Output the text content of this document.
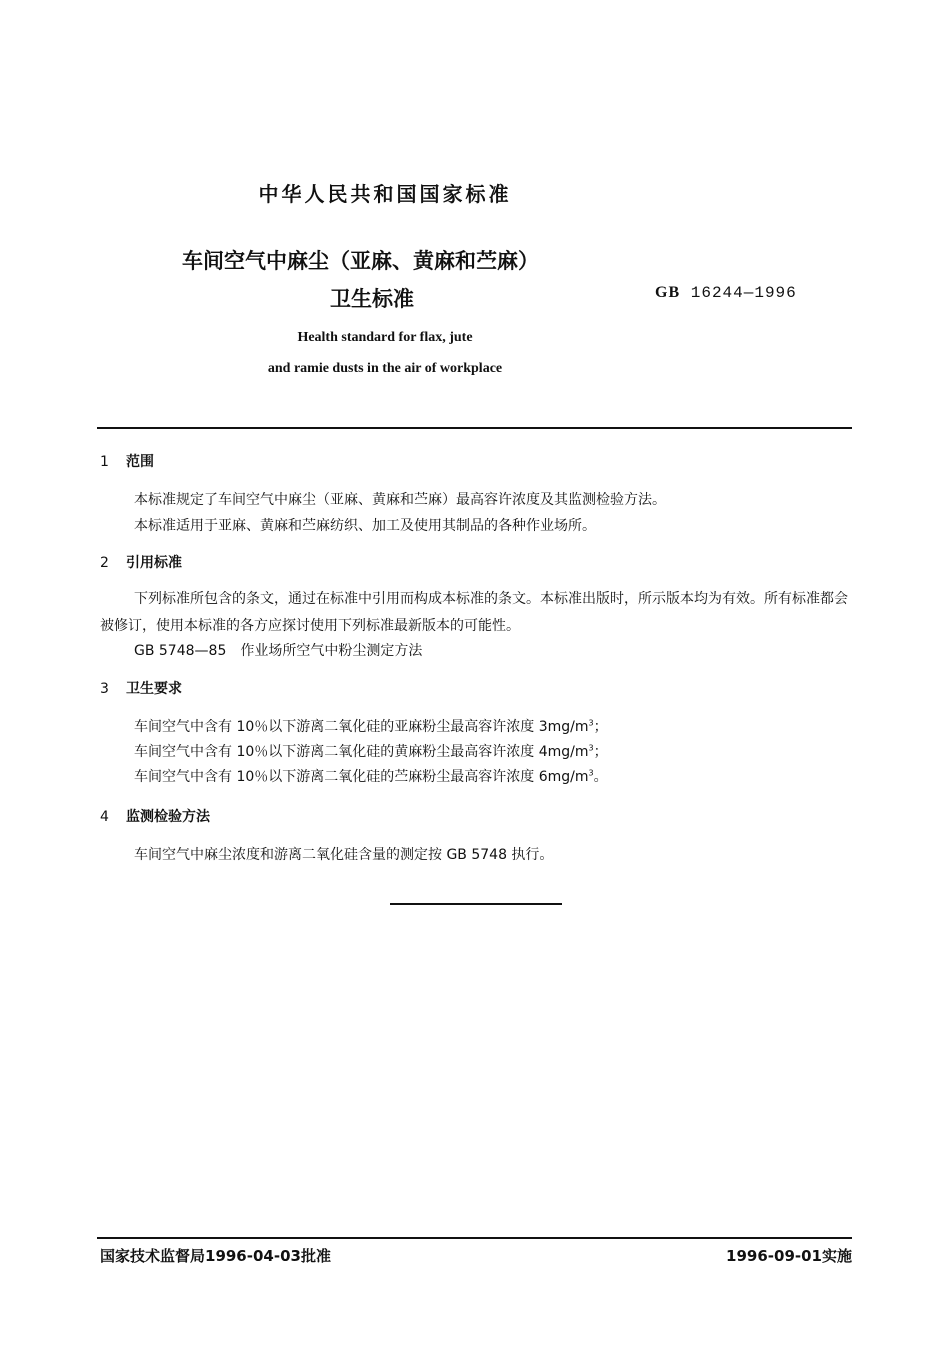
中华人民共和国国家标准
车间空气中麻尘（亚麻、黄麻和苎麻）
卫生标准	GB 16244—1996
Health standard for flax, jute
and ramie dusts in the air of workplace
1 范围
本标准规定了车间空气中麻尘（亚麻、黄麻和苎麻）最高容许浓度及其监测检验方法。
本标准适用于亚麻、黄麻和苎麻纺织、加工及使用其制品的各种作业场所。
2 引用标准
下列标准所包含的条文，通过在标准中引用而构成本标准的条文。本标准出版时，所示版本均为有效。所有标准都会被修订，使用本标准的各方应探讨使用下列标准最新版本的可能性。
GB 5748—85　作业场所空气中粉尘测定方法
3 卫生要求
车间空气中含有 10％以下游离二氧化硅的亚麻粉尘最高容许浓度 $3mg/m^3$；
车间空气中含有 10％以下游离二氧化硅的黄麻粉尘最高容许浓度 $4mg/m^3$；
车间空气中含有 10％以下游离二氧化硅的苎麻粉尘最高容许浓度 $6mg/m^3$。
4 监测检验方法
车间空气中麻尘浓度和游离二氧化硅含量的测定按 GB 5748 执行。
国家技术监督局1996-04-03批准	1996-09-01实施
